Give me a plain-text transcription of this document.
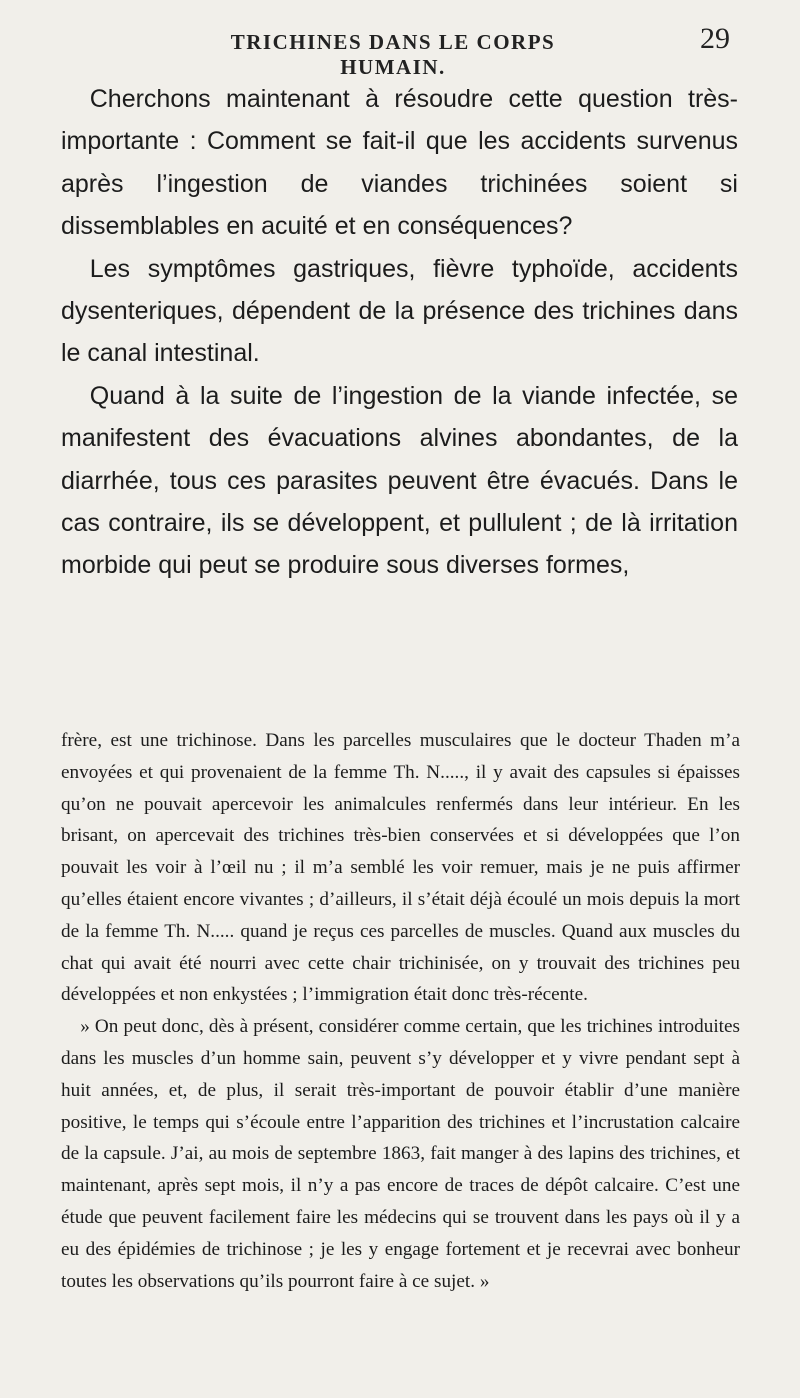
TRICHINES DANS LE CORPS HUMAIN.
29

Cherchons maintenant à résoudre cette question très-importante : Comment se fait-il que les accidents survenus après l’ingestion de viandes trichinées soient si dissemblables en acuité et en conséquences?

Les symptômes gastriques, fièvre typhoïde, accidents dysenteriques, dépendent de la présence des trichines dans le canal intestinal.

Quand à la suite de l’ingestion de la viande infectée, se manifestent des évacuations alvines abondantes, de la diarrhée, tous ces parasites peuvent être évacués. Dans le cas contraire, ils se développent, et pullulent ; de là irritation morbide qui peut se produire sous diverses formes,

frère, est une trichinose. Dans les parcelles musculaires que le docteur Thaden m’a envoyées et qui provenaient de la femme Th. N....., il y avait des capsules si épaisses qu’on ne pouvait apercevoir les animalcules renfermés dans leur intérieur. En les brisant, on apercevait des trichines très-bien conservées et si développées que l’on pouvait les voir à l’œil nu ; il m’a semblé les voir remuer, mais je ne puis affirmer qu’elles étaient encore vivantes ; d’ailleurs, il s’était déjà écoulé un mois depuis la mort de la femme Th. N..... quand je reçus ces parcelles de muscles. Quand aux muscles du chat qui avait été nourri avec cette chair trichinisée, on y trouvait des trichines peu développées et non enkystées ; l’immigration était donc très-récente.

» On peut donc, dès à présent, considérer comme certain, que les trichines introduites dans les muscles d’un homme sain, peuvent s’y développer et y vivre pendant sept à huit années, et, de plus, il serait très-important de pouvoir établir d’une manière positive, le temps qui s’écoule entre l’apparition des trichines et l’incrustation calcaire de la capsule. J’ai, au mois de septembre 1863, fait manger à des lapins des trichines, et maintenant, après sept mois, il n’y a pas encore de traces de dépôt calcaire. C’est une étude que peuvent facilement faire les médecins qui se trouvent dans les pays où il y a eu des épidémies de trichinose ; je les y engage fortement et je recevrai avec bonheur toutes les observations qu’ils pourront faire à ce sujet. »
